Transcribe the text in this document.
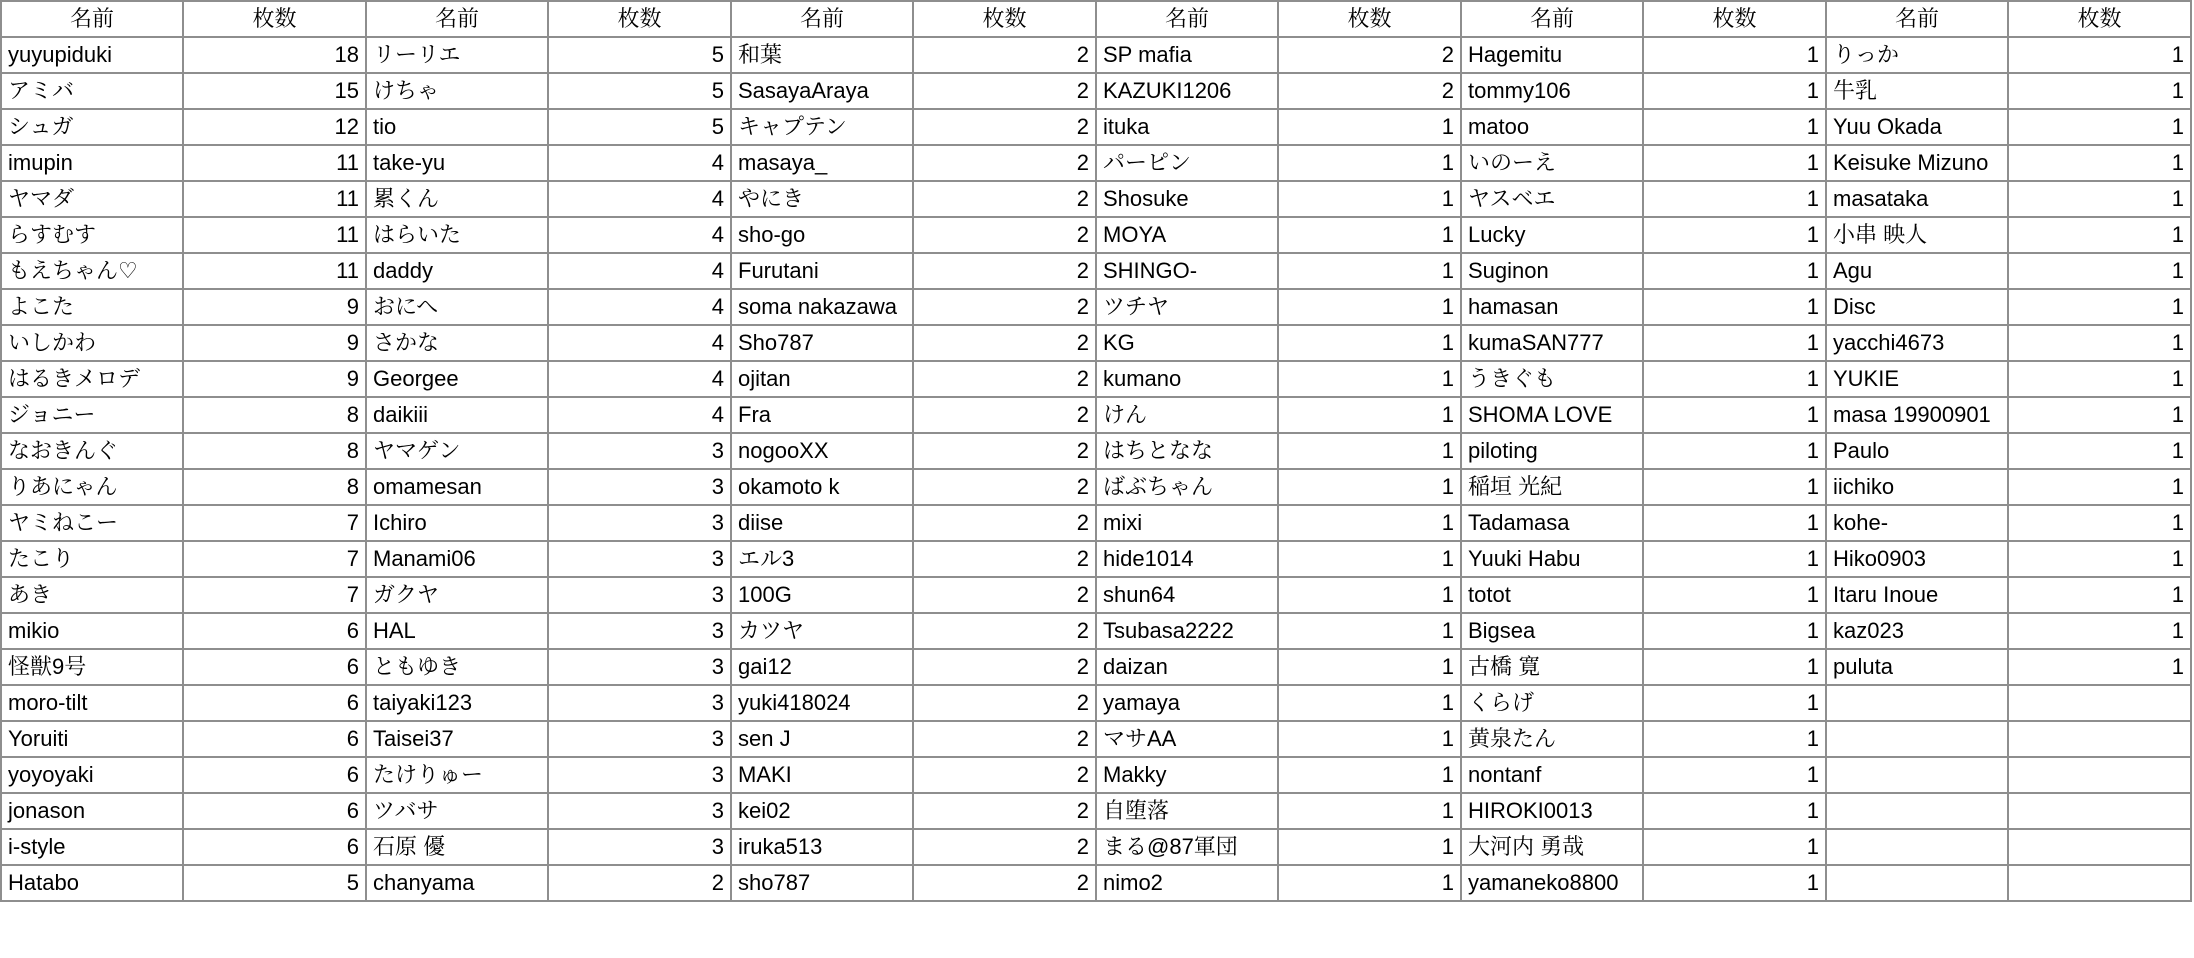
名前	枚数	名前	枚数	名前	枚数	名前	枚数	名前	枚数	名前	枚数
yuyupiduki	18	リーリエ	5	和葉	2	SP mafia	2	Hagemitu	1	りっか	1
アミバ	15	けちゃ	5	SasayaAraya	2	KAZUKI1206	2	tommy106	1	牛乳	1
シュガ	12	tio	5	キャプテン	2	ituka	1	matoo	1	Yuu Okada	1
imupin	11	take-yu	4	masaya_	2	パーピン	1	いのーえ	1	Keisuke Mizuno	1
ヤマダ	11	累くん	4	やにき	2	Shosuke	1	ヤスベエ	1	masataka	1
らすむす	11	はらいた	4	sho-go	2	MOYA	1	Lucky	1	小串 映人	1
もえちゃん♡	11	daddy	4	Furutani	2	SHINGO-	1	Suginon	1	Agu	1
よこた	9	おにへ	4	soma nakazawa	2	ツチヤ	1	hamasan	1	Disc	1
いしかわ	9	さかな	4	Sho787	2	KG	1	kumaSAN777	1	yacchi4673	1
はるきメロデ	9	Georgee	4	ojitan	2	kumano	1	うきぐも	1	YUKIE	1
ジョニー	8	daikiii	4	Fra	2	けん	1	SHOMA LOVE	1	masa 19900901	1
なおきんぐ	8	ヤマゲン	3	nogooXX	2	はちとなな	1	piloting	1	Paulo	1
りあにゃん	8	omamesan	3	okamoto k	2	ばぶちゃん	1	稲垣 光紀	1	iichiko	1
ヤミねこー	7	Ichiro	3	diise	2	mixi	1	Tadamasa	1	kohe-	1
たこり	7	Manami06	3	エル3	2	hide1014	1	Yuuki Habu	1	Hiko0903	1
あき	7	ガクヤ	3	100G	2	shun64	1	totot	1	Itaru Inoue	1
mikio	6	HAL	3	カツヤ	2	Tsubasa2222	1	Bigsea	1	kaz023	1
怪獣9号	6	ともゆき	3	gai12	2	daizan	1	古橋 寛	1	puluta	1
moro-tilt	6	taiyaki123	3	yuki418024	2	yamaya	1	くらげ	1		
Yoruiti	6	Taisei37	3	sen J	2	マサAA	1	黄泉たん	1		
yoyoyaki	6	たけりゅー	3	MAKI	2	Makky	1	nontanf	1		
jonason	6	ツバサ	3	kei02	2	自堕落	1	HIROKI0013	1		
i-style	6	石原 優	3	iruka513	2	まる@87軍団	1	大河内 勇哉	1		
Hatabo	5	chanyama	2	sho787	2	nimo2	1	yamaneko8800	1		
